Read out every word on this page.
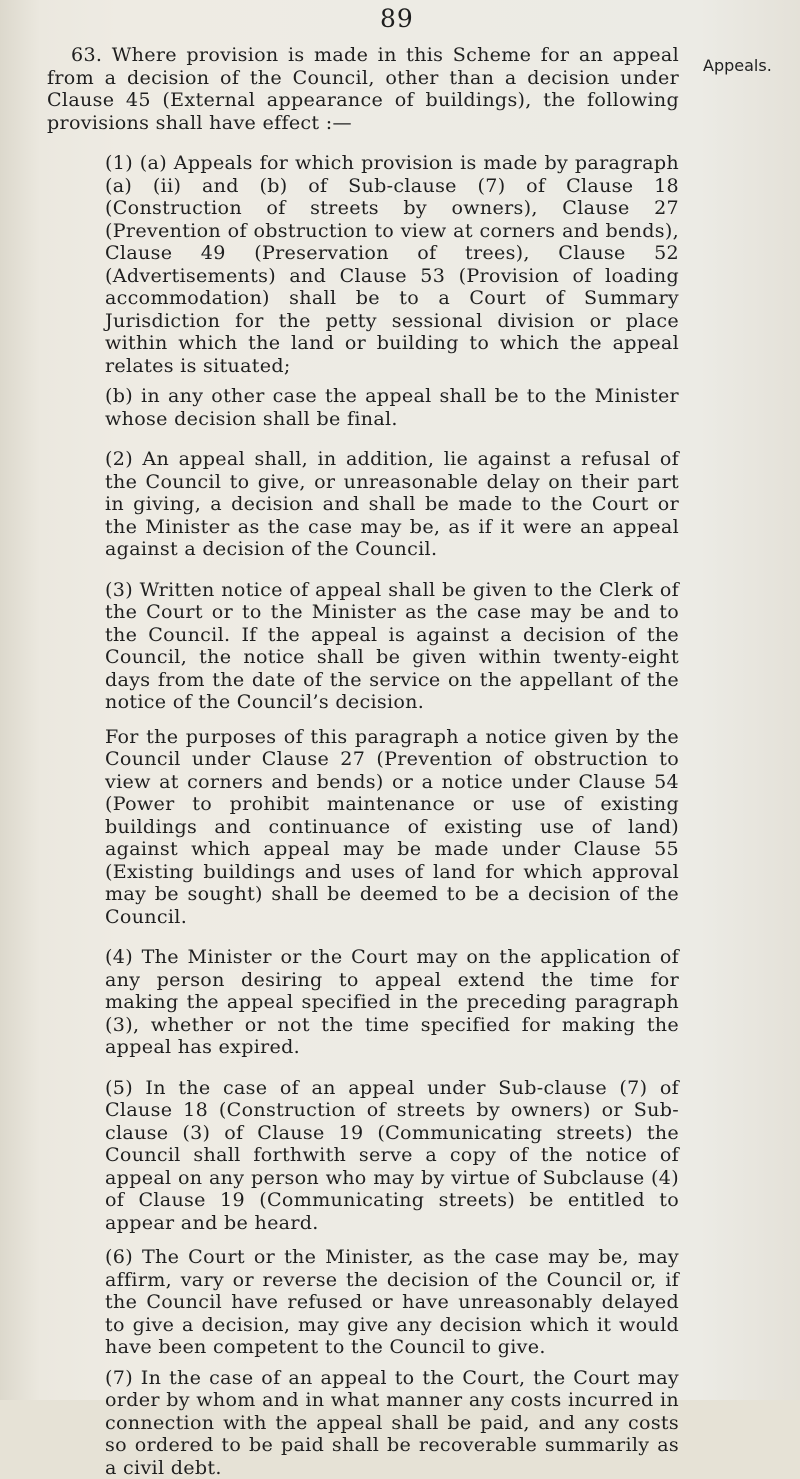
89
Appeals.

63. Where provision is made in this Scheme for an appeal from a decision of the Council, other than a decision under Clause 45 (External appearance of buildings), the following provisions shall have effect :—

(1) (a) Appeals for which provision is made by paragraph (a) (ii) and (b) of Sub-clause (7) of Clause 18 (Construction of streets by owners), Clause 27 (Prevention of obstruction to view at corners and bends), Clause 49 (Preservation of trees), Clause 52 (Advertisements) and Clause 53 (Provision of loading accommodation) shall be to a Court of Summary Jurisdiction for the petty sessional division or place within which the land or building to which the appeal relates is situated;

(b) in any other case the appeal shall be to the Minister whose decision shall be final.

(2) An appeal shall, in addition, lie against a refusal of the Council to give, or unreasonable delay on their part in giving, a decision and shall be made to the Court or the Minister as the case may be, as if it were an appeal against a decision of the Council.

(3) Written notice of appeal shall be given to the Clerk of the Court or to the Minister as the case may be and to the Council. If the appeal is against a decision of the Council, the notice shall be given within twenty-eight days from the date of the service on the appellant of the notice of the Council’s decision.

For the purposes of this paragraph a notice given by the Council under Clause 27 (Prevention of obstruction to view at corners and bends) or a notice under Clause 54 (Power to prohibit maintenance or use of existing buildings and continuance of existing use of land) against which appeal may be made under Clause 55 (Existing buildings and uses of land for which approval may be sought) shall be deemed to be a decision of the Council.

(4) The Minister or the Court may on the application of any person desiring to appeal extend the time for making the appeal specified in the preceding paragraph (3), whether or not the time specified for making the appeal has expired.

(5) In the case of an appeal under Sub-clause (7) of Clause 18 (Construction of streets by owners) or Sub-clause (3) of Clause 19 (Communicating streets) the Council shall forthwith serve a copy of the notice of appeal on any person who may by virtue of Subclause (4) of Clause 19 (Communicating streets) be entitled to appear and be heard.

(6) The Court or the Minister, as the case may be, may affirm, vary or reverse the decision of the Council or, if the Council have refused or have unreasonably delayed to give a decision, may give any decision which it would have been competent to the Council to give.

(7) In the case of an appeal to the Court, the Court may order by whom and in what manner any costs incurred in connection with the appeal shall be paid, and any costs so ordered to be paid shall be recoverable summarily as a civil debt.
